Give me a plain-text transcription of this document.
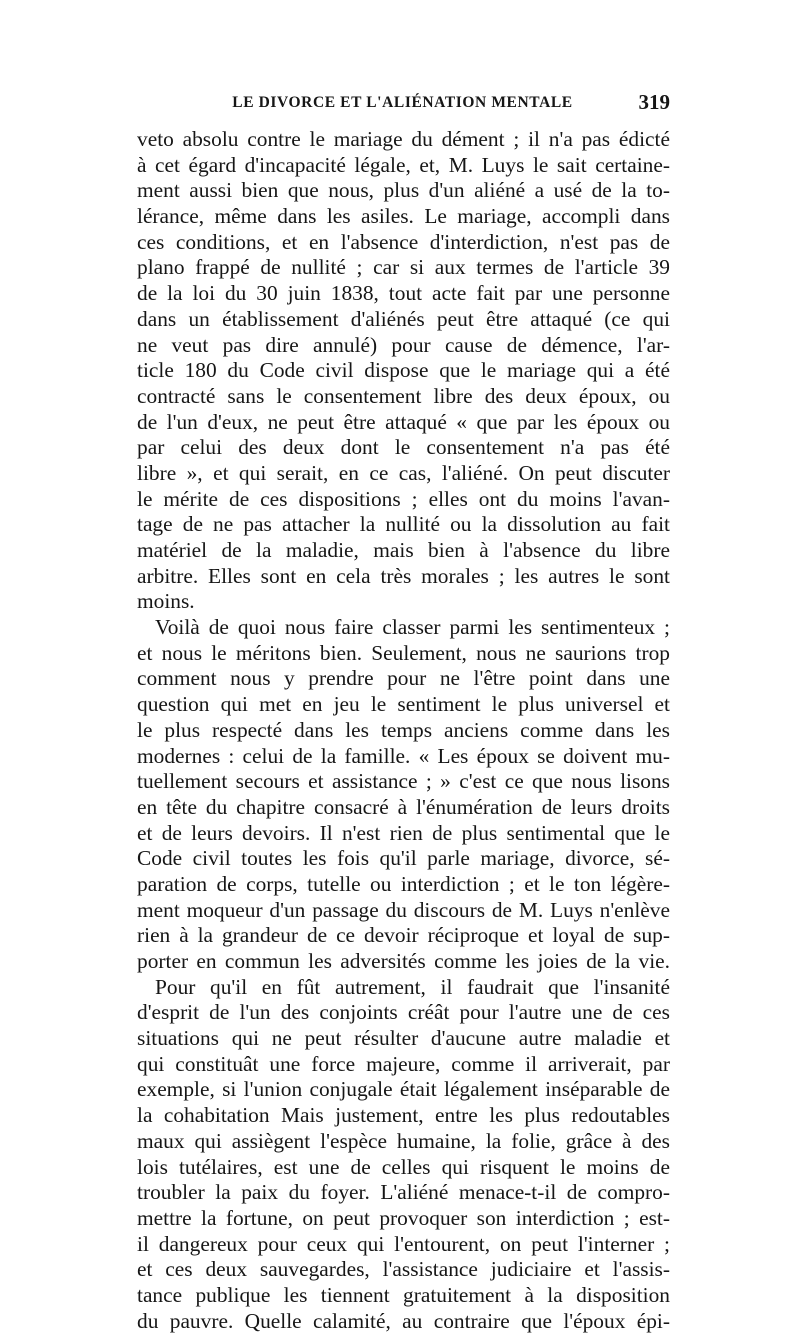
LE DIVORCE ET L'ALIÉNATION MENTALE	319
veto absolu contre le mariage du dément ; il n'a pas édicté
à cet égard d'incapacité légale, et, M. Luys le sait certaine-
ment aussi bien que nous, plus d'un aliéné a usé de la to-
lérance, même dans les asiles. Le mariage, accompli dans
ces conditions, et en l'absence d'interdiction, n'est pas de
plano frappé de nullité ; car si aux termes de l'article 39
de la loi du 30 juin 1838, tout acte fait par une personne
dans un établissement d'aliénés peut être attaqué (ce qui
ne veut pas dire annulé) pour cause de démence, l'ar-
ticle 180 du Code civil dispose que le mariage qui a été
contracté sans le consentement libre des deux époux, ou
de l'un d'eux, ne peut être attaqué « que par les époux ou
par celui des deux dont le consentement n'a pas été
libre », et qui serait, en ce cas, l'aliéné. On peut discuter
le mérite de ces dispositions ; elles ont du moins l'avan-
tage de ne pas attacher la nullité ou la dissolution au fait
matériel de la maladie, mais bien à l'absence du libre
arbitre. Elles sont en cela très morales ; les autres le sont
moins.
Voilà de quoi nous faire classer parmi les sentimenteux ;
et nous le méritons bien. Seulement, nous ne saurions trop
comment nous y prendre pour ne l'être point dans une
question qui met en jeu le sentiment le plus universel et
le plus respecté dans les temps anciens comme dans les
modernes : celui de la famille. « Les époux se doivent mu-
tuellement secours et assistance ; » c'est ce que nous lisons
en tête du chapitre consacré à l'énumération de leurs droits
et de leurs devoirs. Il n'est rien de plus sentimental que le
Code civil toutes les fois qu'il parle mariage, divorce, sé-
paration de corps, tutelle ou interdiction ; et le ton légère-
ment moqueur d'un passage du discours de M. Luys n'enlève
rien à la grandeur de ce devoir réciproque et loyal de sup-
porter en commun les adversités comme les joies de la vie.
Pour qu'il en fût autrement, il faudrait que l'insanité
d'esprit de l'un des conjoints créât pour l'autre une de ces
situations qui ne peut résulter d'aucune autre maladie et
qui constituât une force majeure, comme il arriverait, par
exemple, si l'union conjugale était légalement inséparable de
la cohabitation Mais justement, entre les plus redoutables
maux qui assiègent l'espèce humaine, la folie, grâce à des
lois tutélaires, est une de celles qui risquent le moins de
troubler la paix du foyer. L'aliéné menace-t-il de compro-
mettre la fortune, on peut provoquer son interdiction ; est-
il dangereux pour ceux qui l'entourent, on peut l'interner ;
et ces deux sauvegardes, l'assistance judiciaire et l'assis-
tance publique les tiennent gratuitement à la disposition
du pauvre. Quelle calamité, au contraire que l'époux épi-
